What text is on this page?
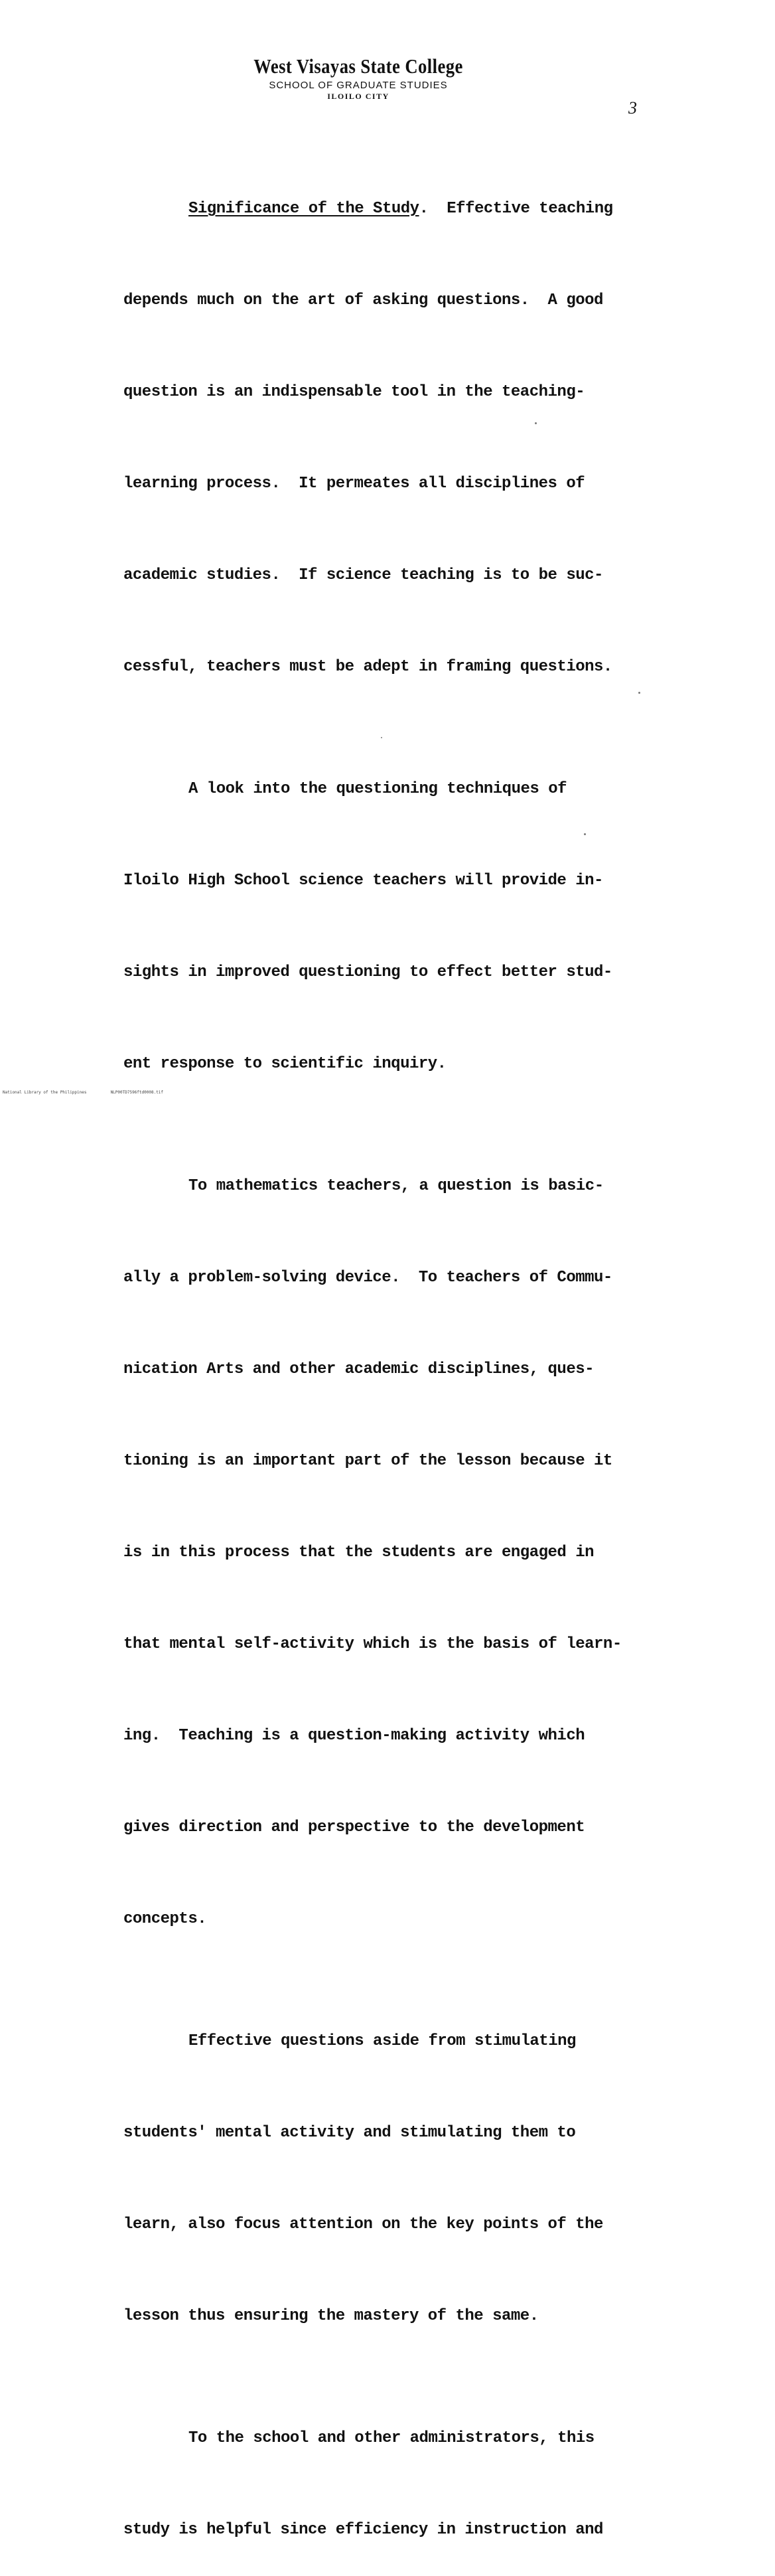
West Visayas State College
SCHOOL OF GRADUATE STUDIES
ILOILO CITY
3

Significance of the Study.  Effective teaching

depends much on the art of asking questions.  A good

question is an indispensable tool in the teaching-

learning process.  It permeates all disciplines of

academic studies.  If science teaching is to be suc-

cessful, teachers must be adept in framing questions.

A look into the questioning techniques of

Iloilo High School science teachers will provide in-

sights in improved questioning to effect better stud-

ent response to scientific inquiry.

To mathematics teachers, a question is basic-

ally a problem-solving device.  To teachers of Commu-

nication Arts and other academic disciplines, ques-

tioning is an important part of the lesson because it

is in this process that the students are engaged in

that mental self-activity which is the basis of learn-

ing.  Teaching is a question-making activity which

gives direction and perspective to the development

concepts.

Effective questions aside from stimulating

students' mental activity and stimulating them to

learn, also focus attention on the key points of the

lesson thus ensuring the mastery of the same.

To the school and other administrators, this

study is helpful since efficiency in instruction and

National Library of the Philippines	NLP00TD7596ftd0008.tif
